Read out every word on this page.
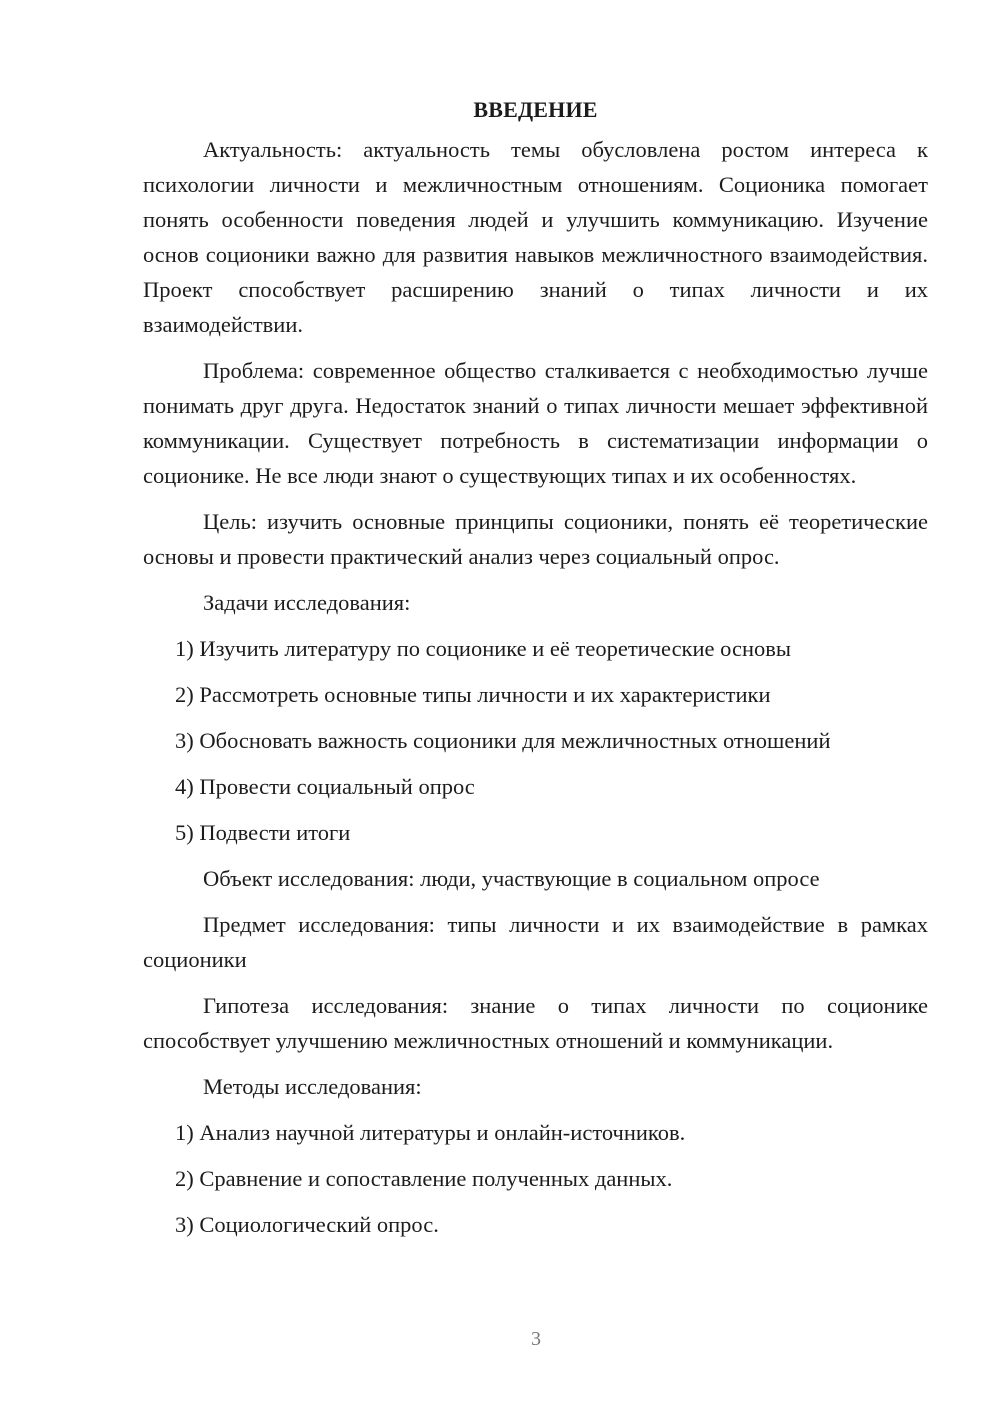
ВВЕДЕНИЕ

Актуальность: актуальность темы обусловлена ростом интереса к психологии личности и межличностным отношениям. Соционика помогает понять особенности поведения людей и улучшить коммуникацию. Изучение основ соционики важно для развития навыков межличностного взаимодействия. Проект способствует расширению знаний о типах личности и их взаимодействии.

Проблема: современное общество сталкивается с необходимостью лучше понимать друг друга. Недостаток знаний о типах личности мешает эффективной коммуникации. Существует потребность в систематизации информации о соционике. Не все люди знают о существующих типах и их особенностях.

Цель: изучить основные принципы соционики, понять её теоретические основы и провести практический анализ через социальный опрос.

Задачи исследования:
1) Изучить литературу по соционике и её теоретические основы
2) Рассмотреть основные типы личности и их характеристики
3) Обосновать важность соционики для межличностных отношений
4) Провести социальный опрос
5) Подвести итоги

Объект исследования: люди, участвующие в социальном опросе

Предмет исследования: типы личности и их взаимодействие в рамках соционики

Гипотеза исследования: знание о типах личности по соционике способствует улучшению межличностных отношений и коммуникации.

Методы исследования:
1) Анализ научной литературы и онлайн-источников.
2) Сравнение и сопоставление полученных данных.
3) Социологический опрос.
3
